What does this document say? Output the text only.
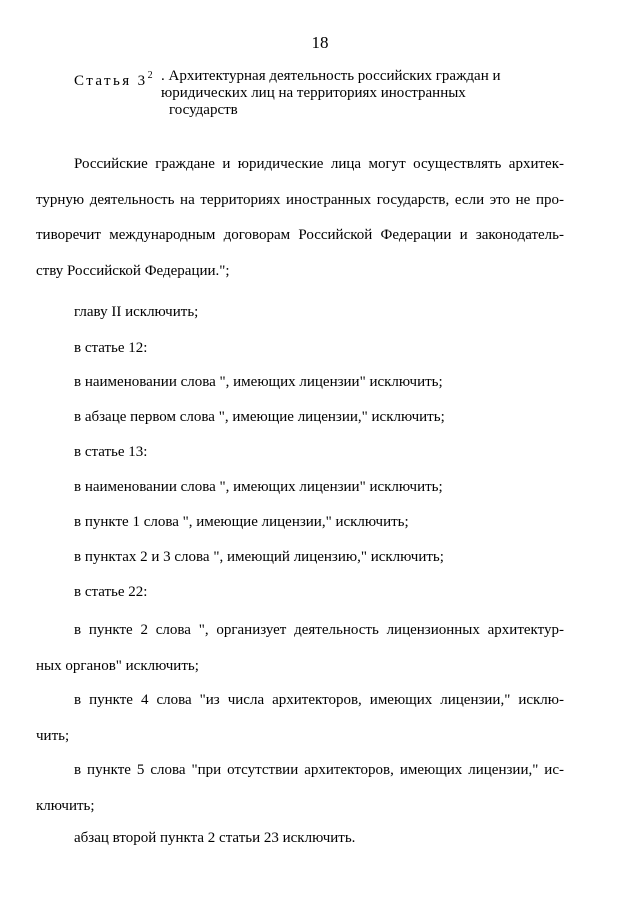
18
Статья $3^2$ . Архитектурная деятельность российских граждан и
юридических лиц на территориях иностранных
государств
Российские граждане и юридические лица могут осуществлять архитек-
турную деятельность на территориях иностранных государств, если это не про-
тиворечит международным договорам Российской Федерации и законодатель-
ству Российской Федерации.";
главу II исключить;
в статье 12:
в наименовании слова ", имеющих лицензии" исключить;
в абзаце первом слова ", имеющие лицензии," исключить;
в статье 13:
в наименовании слова ", имеющих лицензии" исключить;
в пункте 1 слова ", имеющие лицензии," исключить;
в пунктах 2 и 3 слова ", имеющий лицензию," исключить;
в статье 22:
в пункте 2 слова ", организует деятельность лицензионных архитектур-
ных органов" исключить;
в пункте 4 слова "из числа архитекторов, имеющих лицензии," исклю-
чить;
в пункте 5 слова "при отсутствии архитекторов, имеющих лицензии," ис-
ключить;
абзац второй пункта 2 статьи 23 исключить.
